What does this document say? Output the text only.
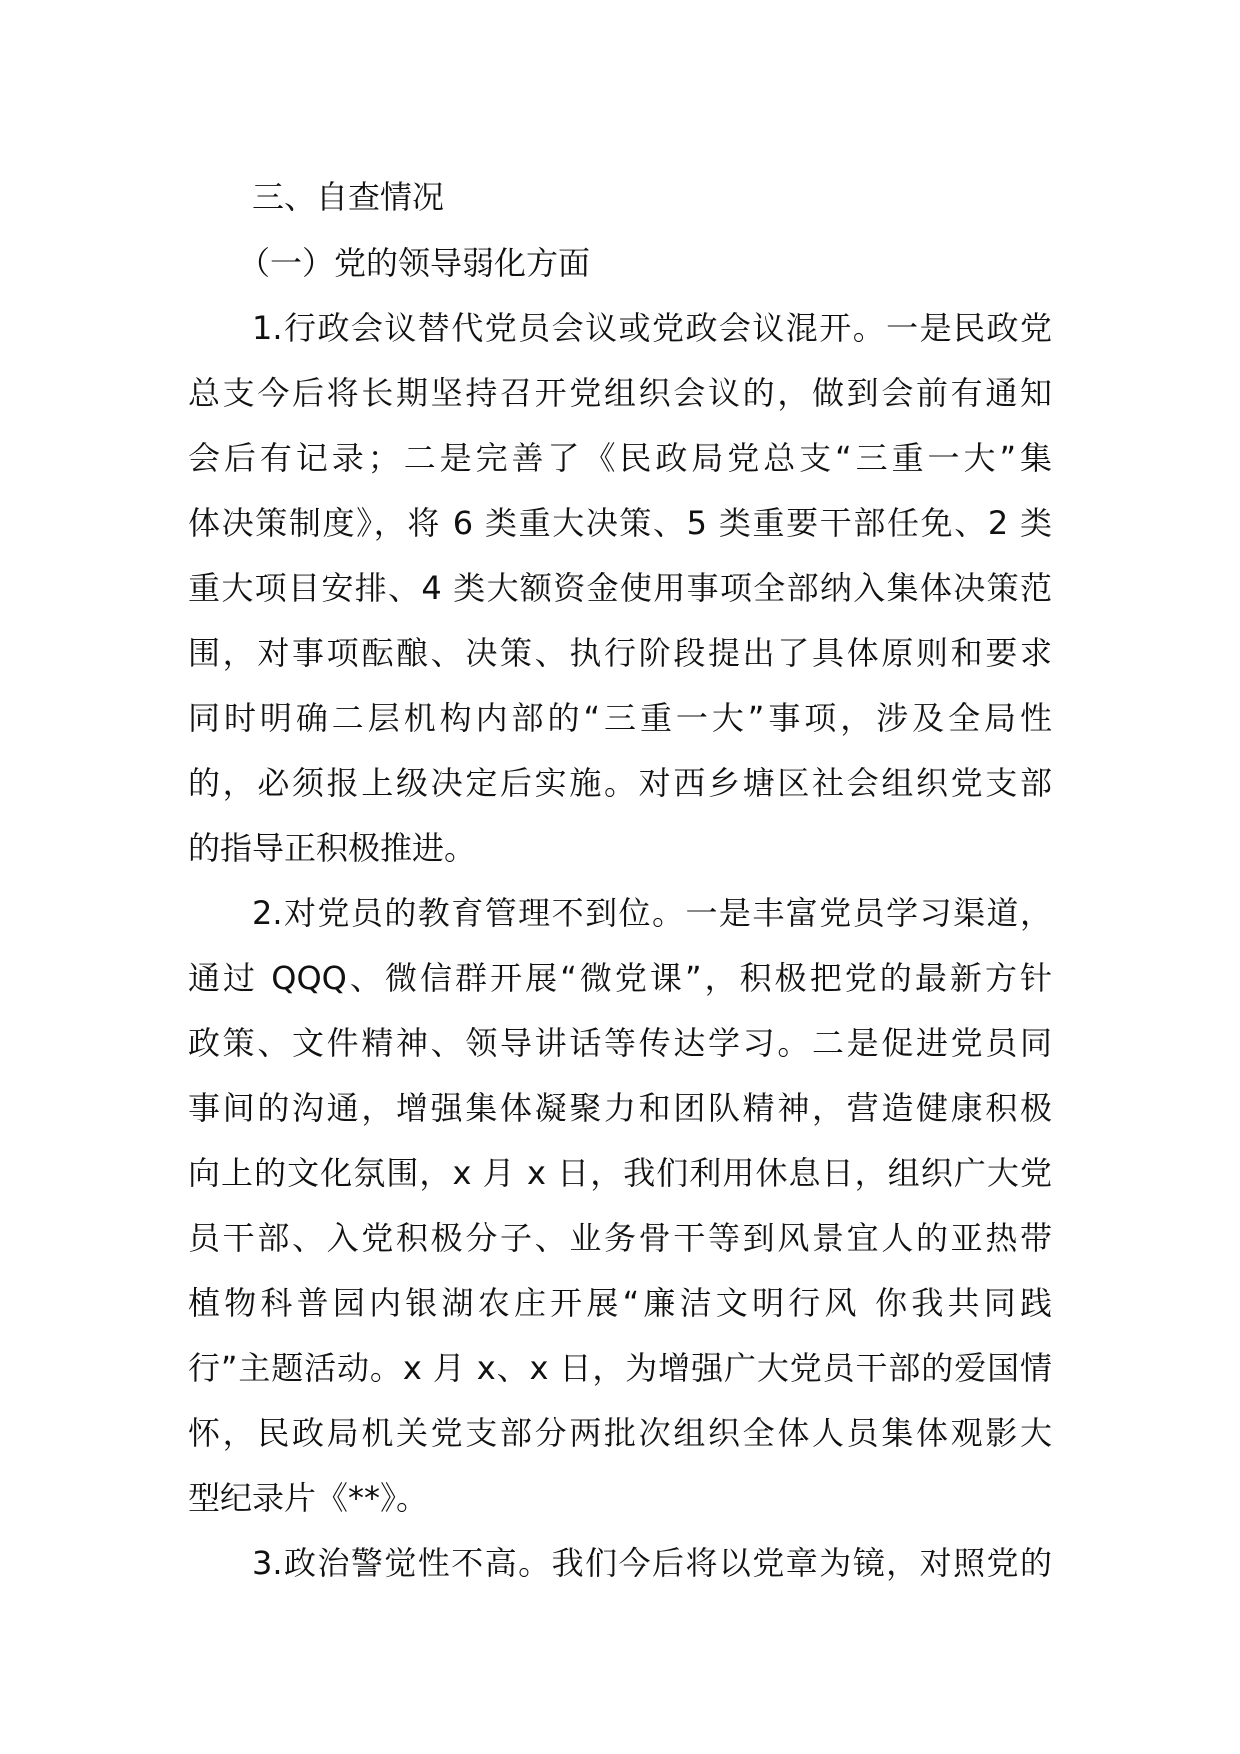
三、自查情况

（一）党的领导弱化方面

1.行政会议替代党员会议或党政会议混开。一是民政党
总支今后将长期坚持召开党组织会议的，做到会前有通知
会后有记录；二是完善了《民政局党总支“三重一大”集
体决策制度》，将 6 类重大决策、5 类重要干部任免、2 类
重大项目安排、4 类大额资金使用事项全部纳入集体决策范
围，对事项酝酿、决策、执行阶段提出了具体原则和要求
同时明确二层机构内部的“三重一大”事项，涉及全局性
的，必须报上级决定后实施。对西乡塘区社会组织党支部
的指导正积极推进。
2.对党员的教育管理不到位。一是丰富党员学习渠道，
通过 QQQ、微信群开展“微党课”，积极把党的最新方针
政策、文件精神、领导讲话等传达学习。二是促进党员同
事间的沟通，增强集体凝聚力和团队精神，营造健康积极
向上的文化氛围，x 月 x 日，我们利用休息日，组织广大党
员干部、入党积极分子、业务骨干等到风景宜人的亚热带
植物科普园内银湖农庄开展“廉洁文明行风 你我共同践
行”主题活动。x 月 x、x 日，为增强广大党员干部的爱国情
怀，民政局机关党支部分两批次组织全体人员集体观影大
型纪录片《**》。
3.政治警觉性不高。我们今后将以党章为镜，对照党的
